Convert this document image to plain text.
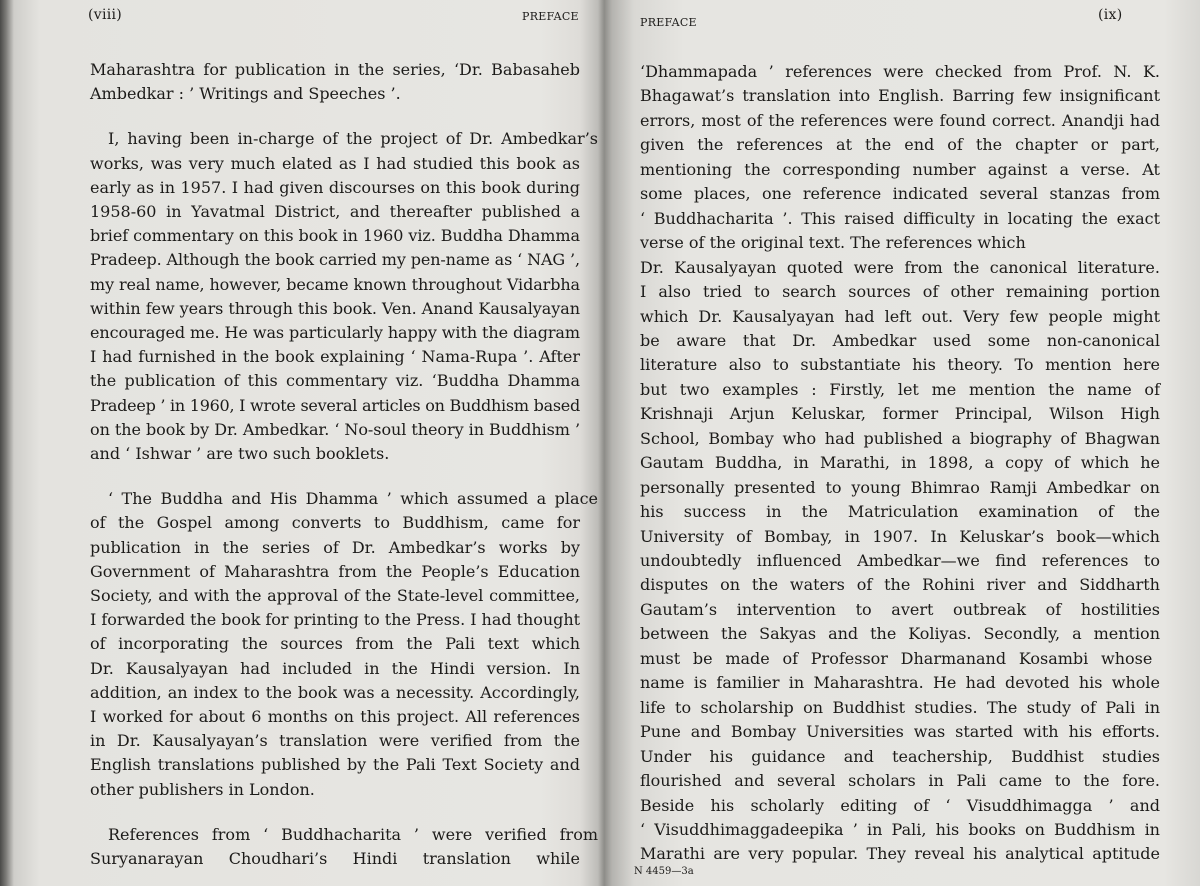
(viii)	PREFACE
Maharashtra for publication in the series, ‘Dr. Babasaheb
Ambedkar : ’ Writings and Speeches ’.
I, having been in-charge of the project of Dr. Ambedkar’s
works, was very much elated as I had studied this book as
early as in 1957. I had given discourses on this book during
1958-60 in Yavatmal District, and thereafter published a
brief commentary on this book in 1960 viz. Buddha Dhamma
Pradeep. Although the book carried my pen-name as ‘ NAG ’,
my real name, however, became known throughout Vidarbha
within few years through this book. Ven. Anand Kausalyayan
encouraged me. He was particularly happy with the diagram
I had furnished in the book explaining ‘ Nama-Rupa ’. After
the publication of this commentary viz. ‘Buddha Dhamma
Pradeep ’ in 1960, I wrote several articles on Buddhism based
on the book by Dr. Ambedkar. ‘ No-soul theory in Buddhism ’
and ‘ Ishwar ’ are two such booklets.
‘ The Buddha and His Dhamma ’ which assumed a place
of the Gospel among converts to Buddhism, came for
publication in the series of Dr. Ambedkar’s works by
Government of Maharashtra from the People’s Education
Society, and with the approval of the State-level committee,
I forwarded the book for printing to the Press. I had thought
of incorporating the sources from the Pali text which
Dr. Kausalyayan had included in the Hindi version. In
addition, an index to the book was a necessity. Accordingly,
I worked for about 6 months on this project. All references
in Dr. Kausalyayan’s translation were verified from the
English translations published by the Pali Text Society and
other publishers in London.
References from ‘ Buddhacharita ’ were verified from
Suryanarayan Choudhari’s Hindi translation while
PREFACE	(ix)
‘Dhammapada ’ references were checked from Prof. N. K.
Bhagawat’s translation into English. Barring few insignificant
errors, most of the references were found correct. Anandji had
given the references at the end of the chapter or part,
mentioning the corresponding number against a verse. At
some places, one reference indicated several stanzas from
‘ Buddhacharita ’. This raised difficulty in locating the exact
verse of the original text. The references which
Dr. Kausalyayan quoted were from the canonical literature.
I also tried to search sources of other remaining portion
which Dr. Kausalyayan had left out. Very few people might
be aware that Dr. Ambedkar used some non-canonical
literature also to substantiate his theory. To mention here
but two examples : Firstly, let me mention the name of
Krishnaji Arjun Keluskar, former Principal, Wilson High
School, Bombay who had published a biography of Bhagwan
Gautam Buddha, in Marathi, in 1898, a copy of which he
personally presented to young Bhimrao Ramji Ambedkar on
his success in the Matriculation examination of the
University of Bombay, in 1907. In Keluskar’s book—which
undoubtedly influenced Ambedkar—we find references to
disputes on the waters of the Rohini river and Siddharth
Gautam’s intervention to avert outbreak of hostilities
between the Sakyas and the Koliyas. Secondly, a mention
must be made of Professor Dharmanand Kosambi whose
name is familier in Maharashtra. He had devoted his whole
life to scholarship on Buddhist studies. The study of Pali in
Pune and Bombay Universities was started with his efforts.
Under his guidance and teachership, Buddhist studies
flourished and several scholars in Pali came to the fore.
Beside his scholarly editing of ‘ Visuddhimagga ’ and
‘ Visuddhimaggadeepika ’ in Pali, his books on Buddhism in
Marathi are very popular. They reveal his analytical aptitude
N 4459—3a
